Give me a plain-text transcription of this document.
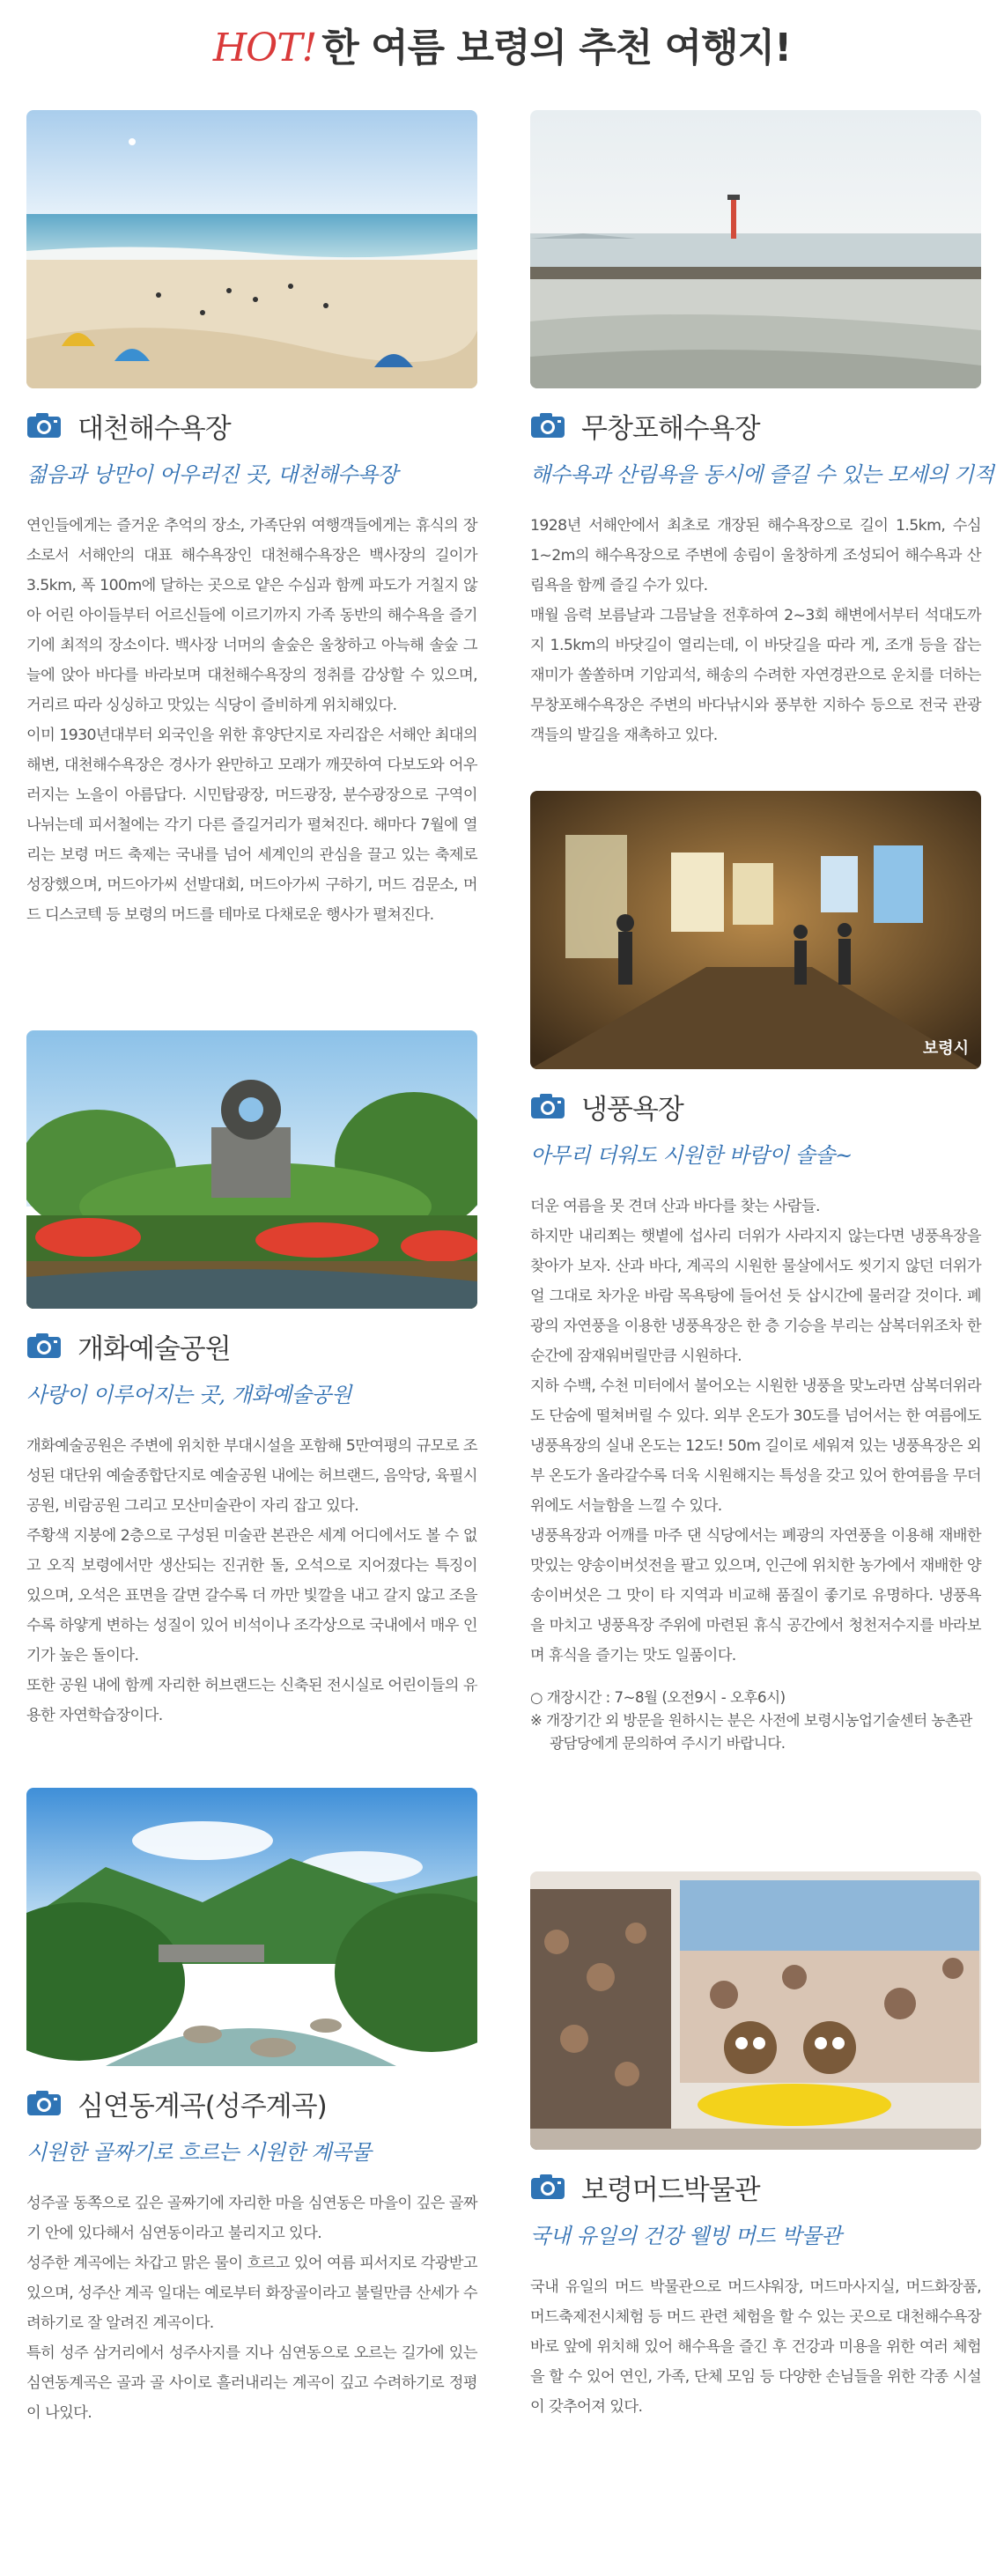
HOT! 한 여름 보령의 추천 여행지!
대천해수욕장
젊음과 낭만이 어우러진 곳, 대천해수욕장

연인들에게는 즐거운 추억의 장소, 가족단위 여행객들에게는 휴식의 장소로서 서해안의 대표 해수욕장인 대천해수욕장은 백사장의 길이가 3.5km, 폭 100m에 달하는 곳으로 얕은 수심과 함께 파도가 거칠지 않아 어린 아이들부터 어르신들에 이르기까지 가족 동반의 해수욕을 즐기기에 최적의 장소이다. 백사장 너머의 솔숲은 울창하고 아늑해 솔숲 그늘에 앉아 바다를 바라보며 대천해수욕장의 정취를 감상할 수 있으며, 거리르 따라 싱싱하고 맛있는 식당이 즐비하게 위치해있다.

이미 1930년대부터 외국인을 위한 휴양단지로 자리잡은 서해안 최대의 해변, 대천해수욕장은 경사가 완만하고 모래가 깨끗하여 다보도와 어우러지는 노을이 아름답다. 시민탑광장, 머드광장, 분수광장으로 구역이 나뉘는데 피서철에는 각기 다른 즐길거리가 펼쳐진다. 해마다 7월에 열리는 보령 머드 축제는 국내를 넘어 세계인의 관심을 끌고 있는 축제로 성장했으며, 머드아가씨 선발대회, 머드아가씨 구하기, 머드 검문소, 머드 디스코텍 등 보령의 머드를 테마로 다채로운 행사가 펼쳐진다.

무창포해수욕장
해수욕과 산림욕을 동시에 즐길 수 있는 모세의 기적

1928년 서해안에서 최초로 개장된 해수욕장으로 길이 1.5km, 수심 1~2m의 해수욕장으로 주변에 송림이 울창하게 조성되어 해수욕과 산림욕을 함께 즐길 수가 있다.

매월 음력 보름날과 그믐날을 전후하여 2~3회 해변에서부터 석대도까지 1.5km의 바닷길이 열리는데, 이 바닷길을 따라 게, 조개 등을 잡는 재미가 쏠쏠하며 기암괴석, 해송의 수려한 자연경관으로 운치를 더하는 무창포해수욕장은 주변의 바다낚시와 풍부한 지하수 등으로 전국 관광객들의 발길을 재촉하고 있다.

보령시
냉풍욕장
아무리 더워도 시원한 바람이 솔솔~

더운 여름을 못 견뎌 산과 바다를 찾는 사람들.

하지만 내리쬐는 햇볕에 섭사리 더위가 사라지지 않는다면 냉풍욕장을 찾아가 보자. 산과 바다, 계곡의 시원한 물살에서도 씻기지 않던 더위가 얼 그대로 차가운 바람 목욕탕에 들어선 듯 삽시간에 물러갈 것이다. 폐광의 자연풍을 이용한 냉풍욕장은 한 층 기승을 부리는 삼복더위조차 한순간에 잠재워버릴만큼 시원하다.

지하 수백, 수천 미터에서 불어오는 시원한 냉풍을 맞노라면 삼복더위라도 단숨에 떨쳐버릴 수 있다. 외부 온도가 30도를 넘어서는 한 여름에도 냉풍욕장의 실내 온도는 12도! 50m 길이로 세워져 있는 냉풍욕장은 외부 온도가 올라갈수록 더욱 시원해지는 특성을 갖고 있어 한여름을 무더위에도 서늘함을 느낄 수 있다.

냉풍욕장과 어깨를 마주 댄 식당에서는 폐광의 자연풍을 이용해 재배한 맛있는 양송이버섯전을 팔고 있으며, 인근에 위치한 농가에서 재배한 양송이버섯은 그 맛이 타 지역과 비교해 품질이 좋기로 유명하다. 냉풍욕을 마치고 냉풍욕장 주위에 마련된 휴식 공간에서 청천저수지를 바라보며 휴식을 즐기는 맛도 일품이다.

○ 개장시간 : 7~8월 (오전9시 - 오후6시)

※ 개장기간 외 방문을 원하시는 분은 사전에 보령시농업기술센터 농촌관광담당에게 문의하여 주시기 바랍니다.

개화예술공원
사랑이 이루어지는 곳, 개화예술공원

개화예술공원은 주변에 위치한 부대시설을 포함해 5만여평의 규모로 조성된 대단위 예술종합단지로 예술공원 내에는 허브랜드, 음악당, 육필시공원, 비람공원 그리고 모산미술관이 자리 잡고 있다.

주황색 지붕에 2층으로 구성된 미술관 본관은 세계 어디에서도 볼 수 없고 오직 보령에서만 생산되는 진귀한 돌, 오석으로 지어졌다는 특징이 있으며, 오석은 표면을 갈면 갈수록 더 까만 빛깔을 내고 갈지 않고 조을수록 하얗게 변하는 성질이 있어 비석이나 조각상으로 국내에서 매우 인기가 높은 돌이다.

또한 공원 내에 함께 자리한 허브랜드는 신축된 전시실로 어린이들의 유용한 자연학습장이다.

보령머드박물관
국내 유일의 건강 웰빙 머드 박물관

국내 유일의 머드 박물관으로 머드샤워장, 머드마사지실, 머드화장품, 머드축제전시체험 등 머드 관련 체험을 할 수 있는 곳으로 대천해수욕장 바로 앞에 위치해 있어 해수욕을 즐긴 후 건강과 미용을 위한 여러 체험을 할 수 있어 연인, 가족, 단체 모임 등 다양한 손님들을 위한 각종 시설이 갖추어져 있다.

심연동계곡(성주계곡)
시원한 골짜기로 흐르는 시원한 계곡물

성주골 동쪽으로 깊은 골짜기에 자리한 마을 심연동은 마을이 깊은 골짜기 안에 있다해서 심연동이라고 불리지고 있다.

성주한 계곡에는 차갑고 맑은 물이 흐르고 있어 여름 피서지로 각광받고 있으며, 성주산 계곡 일대는 예로부터 화장골이라고 불릴만큼 산세가 수려하기로 잘 알려진 계곡이다.

특히 성주 삼거리에서 성주사지를 지나 심연동으로 오르는 길가에 있는 심연동계곡은 골과 골 사이로 흘러내리는 계곡이 깊고 수려하기로 정평이 나있다.
